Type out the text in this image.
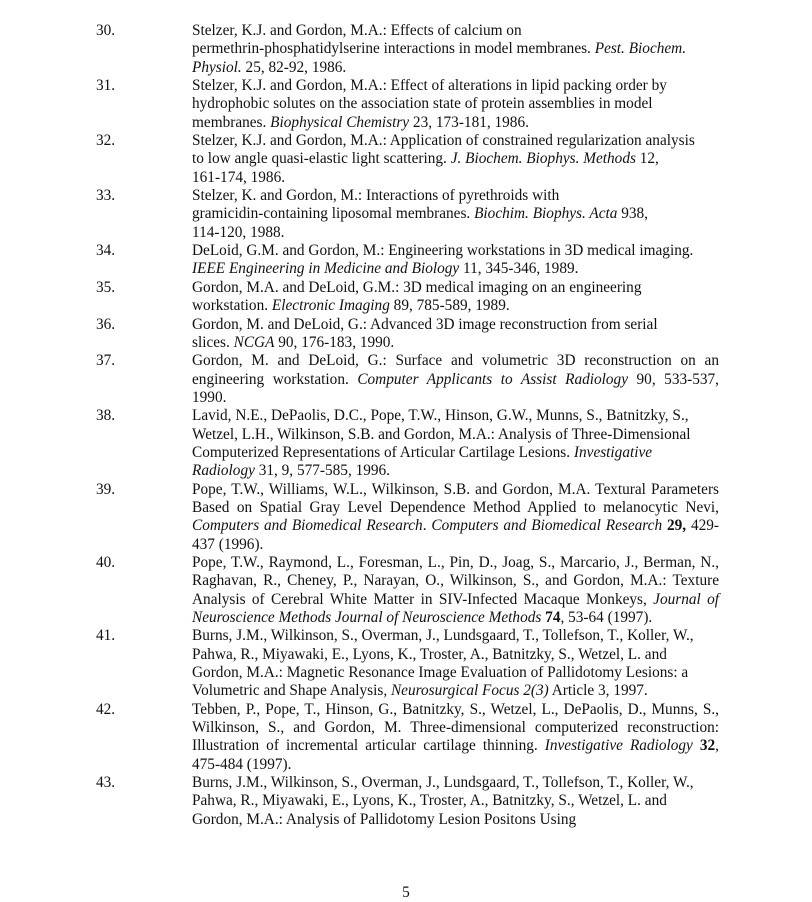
30.	Stelzer, K.J. and Gordon, M.A.: Effects of calcium on
permethrin-phosphatidylserine interactions in model membranes. Pest. Biochem.
Physiol. 25, 82-92, 1986.
31.	Stelzer, K.J. and Gordon, M.A.: Effect of alterations in lipid packing order by
hydrophobic solutes on the association state of protein assemblies in model
membranes. Biophysical Chemistry 23, 173-181, 1986.
32.	Stelzer, K.J. and Gordon, M.A.: Application of constrained regularization analysis
to low angle quasi-elastic light scattering. J. Biochem. Biophys. Methods 12,
161-174, 1986.
33.	Stelzer, K. and Gordon, M.: Interactions of pyrethroids with
gramicidin-containing liposomal membranes. Biochim. Biophys. Acta 938,
114-120, 1988.
34.	DeLoid, G.M. and Gordon, M.: Engineering workstations in 3D medical imaging.
IEEE Engineering in Medicine and Biology 11, 345-346, 1989.
35.	Gordon, M.A. and DeLoid, G.M.: 3D medical imaging on an engineering
workstation. Electronic Imaging 89, 785-589, 1989.
36.	Gordon, M. and DeLoid, G.: Advanced 3D image reconstruction from serial
slices. NCGA 90, 176-183, 1990.
37.	Gordon, M. and DeLoid, G.: Surface and volumetric 3D reconstruction on an engineering workstation. Computer Applicants to Assist Radiology 90, 533-537, 1990.
38.	Lavid, N.E., DePaolis, D.C., Pope, T.W., Hinson, G.W., Munns, S., Batnitzky, S.,
Wetzel, L.H., Wilkinson, S.B. and Gordon, M.A.: Analysis of Three-Dimensional
Computerized Representations of Articular Cartilage Lesions. Investigative
Radiology 31, 9, 577-585, 1996.
39.	Pope, T.W., Williams, W.L., Wilkinson, S.B. and Gordon, M.A. Textural Parameters Based on Spatial Gray Level Dependence Method Applied to melanocytic Nevi, Computers and Biomedical Research. Computers and Biomedical Research 29, 429-437 (1996).
40.	Pope, T.W., Raymond, L., Foresman, L., Pin, D., Joag, S., Marcario, J., Berman, N., Raghavan, R., Cheney, P., Narayan, O., Wilkinson, S., and Gordon, M.A.: Texture Analysis of Cerebral White Matter in SIV-Infected Macaque Monkeys, Journal of Neuroscience Methods Journal of Neuroscience Methods 74, 53-64 (1997).
41.	Burns, J.M., Wilkinson, S., Overman, J., Lundsgaard, T., Tollefson, T., Koller, W.,
Pahwa, R., Miyawaki, E., Lyons, K., Troster, A., Batnitzky, S., Wetzel, L. and
Gordon, M.A.: Magnetic Resonance Image Evaluation of Pallidotomy Lesions: a
Volumetric and Shape Analysis, Neurosurgical Focus 2(3) Article 3, 1997.
42.	Tebben, P., Pope, T., Hinson, G., Batnitzky, S., Wetzel, L., DePaolis, D., Munns, S., Wilkinson, S., and Gordon, M. Three-dimensional computerized reconstruction: Illustration of incremental articular cartilage thinning. Investigative Radiology 32, 475-484 (1997).
43.	Burns, J.M., Wilkinson, S., Overman, J., Lundsgaard, T., Tollefson, T., Koller, W.,
Pahwa, R., Miyawaki, E., Lyons, K., Troster, A., Batnitzky, S., Wetzel, L. and
Gordon, M.A.: Analysis of Pallidotomy Lesion Positons Using
5
